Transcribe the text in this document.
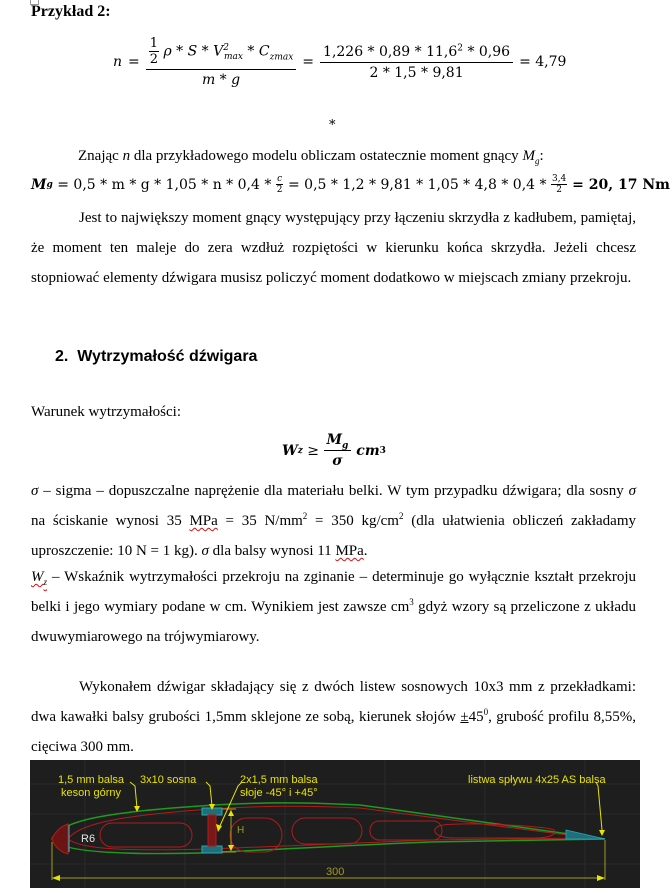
Przykład 2:
$n = \frac{\frac{1}{2} \rho * S * V^2_{max} * C_{zmax}}{m * g} = \frac{1,226 * 0,89 * 11,6^2 * 0,96}{2 * 1,5 * 9,81} = 4,79$
*
Znając n dla przykładowego modelu obliczam ostatecznie moment gnący $M_g$:
M $g = 0,5 * m * g * 1,05 * n * 0,4 * \frac{c}{2} = 0,5 * 1,2 * 9,81 * 1,05 * 4,8 * 0,4 * \frac{3,4}{2} = 20$, 17 Nm
Jest to największy moment gnący występujący przy łączeniu skrzydła z kadłubem, pamiętaj, że moment ten maleje do zera wzdłuż rozpiętości w kierunku końca skrzydła. Jeżeli chcesz stopniować elementy dźwigara musisz policzyć moment dodatkowo w miejscach zmiany przekroju.
2. Wytrzymałość dźwigara
Warunek wytrzymałości:
W $z \ge \frac{M_g}{\sigma}$ cm 3
σ – sigma – dopuszczalne naprężenie dla materiału belki. W tym przypadku dźwigara; dla sosny σ  na ściskanie wynosi 35 MPa = 35 $N/mm^2 = 350$ $kg/cm^2$ (dla ułatwienia obliczeń zakładamy uproszczenie: 10 N = 1 kg). σ dla balsy wynosi 11 MPa.
$W_z$ – Wskaźnik wytrzymałości przekroju na zginanie – determinuje go wyłącznie kształt przekroju belki i jego wymiary podane w cm. Wynikiem jest zawsze $cm^3$ gdyż wzory są przeliczone z układu dwuwymiarowego na trójwymiarowy.
Wykonałem dźwigar składający się z dwóch listew sosnowych 10x3 mm z przekładkami: dwa kawałki balsy grubości 1,5mm sklejone ze sobą, kierunek słojów $\pm 45^0$, grubość profilu 8,55%, cięciwa 300 mm.
1,5 mm balsa
keson górny
3x10 sosna	2x1,5 mm balsa
słoje -45° i +45°
listwa spływu 4x25 AS balsa
R6
H
300
